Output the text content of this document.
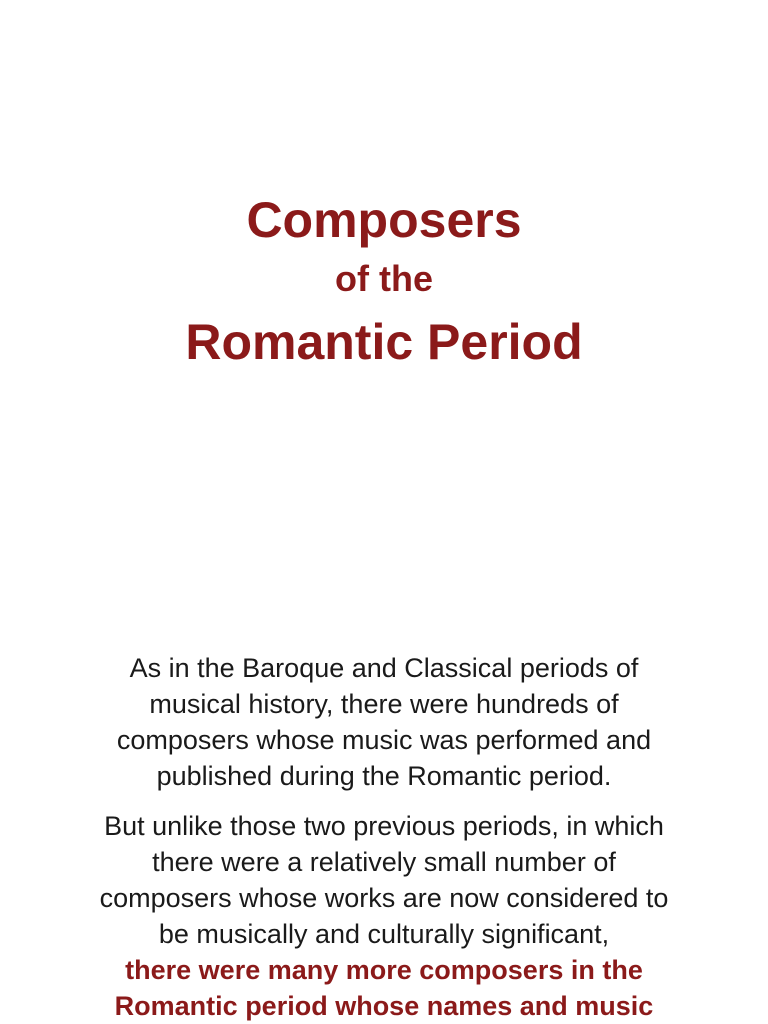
Composers
of the
Romantic Period
As in the Baroque and Classical periods of
musical history, there were hundreds of
composers whose music was performed and
published during the Romantic period.
But unlike those two previous periods, in which
there were a relatively small number of
composers whose works are now considered to
be musically and culturally significant,
there were many more composers in the
Romantic period whose names and music
